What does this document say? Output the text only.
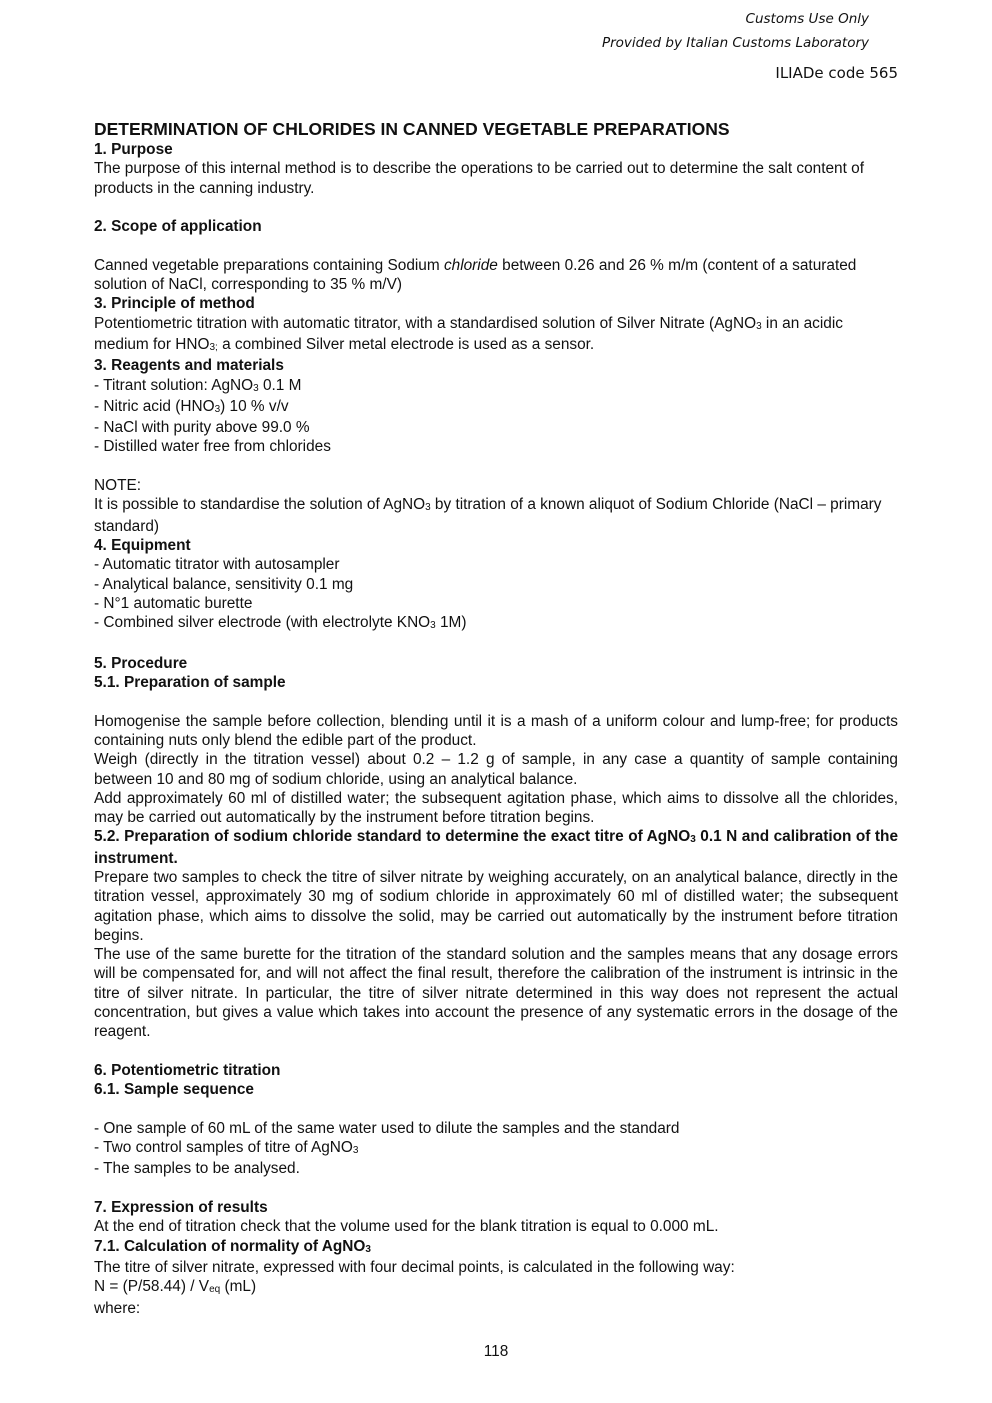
Customs Use Only
Provided by Italian Customs Laboratory
ILIADe code 565

DETERMINATION OF CHLORIDES IN CANNED VEGETABLE PREPARATIONS

1. Purpose

The purpose of this internal method is to describe the operations to be carried out to determine the salt content of products in the canning industry.

2. Scope of application

Canned vegetable preparations containing Sodium chloride between 0.26 and 26 % m/m (content of a saturated solution of NaCl, corresponding to 35 % m/V)

3. Principle of method

Potentiometric titration with automatic titrator, with a standardised solution of Silver Nitrate (AgNO$_3$ in an acidic medium for $HNO_{3;}$ a combined Silver metal electrode is used as a sensor.

3. Reagents and materials

- Titrant solution: AgNO$_3$ 0.1 M

- Nitric acid $(HNO_3)$ 10 % v/v

- NaCl with purity above 99.0 %

- Distilled water free from chlorides

NOTE:

It is possible to standardise the solution of AgNO$_3$ by titration of a known aliquot of Sodium Chloride (NaCl – primary standard)

4. Equipment

- Automatic titrator with autosampler

- Analytical balance, sensitivity 0.1 mg

- N°1 automatic burette

- Combined silver electrode (with electrolyte $KNO_3$ 1M)

5. Procedure

5.1. Preparation of sample

Homogenise the sample before collection, blending until it is a mash of a uniform colour and lump-free; for products containing nuts only blend the edible part of the product.

Weigh (directly in the titration vessel) about 0.2 – 1.2 g of sample, in any case a quantity of sample containing between 10 and 80 mg of sodium chloride, using an analytical balance.

Add approximately 60 ml of distilled water; the subsequent agitation phase, which aims to dissolve all the chlorides, may be carried out automatically by the instrument before titration begins.

5.2. Preparation of sodium chloride standard to determine the exact titre of AgNO$_3$ 0.1 N and calibration of the instrument.

Prepare two samples to check the titre of silver nitrate by weighing accurately, on an analytical balance, directly in the titration vessel, approximately 30 mg of sodium chloride in approximately 60 ml of distilled water; the subsequent agitation phase, which aims to dissolve the solid, may be carried out automatically by the instrument before titration begins.

The use of the same burette for the titration of the standard solution and the samples means that any dosage errors will be compensated for, and will not affect the final result, therefore the calibration of the instrument is intrinsic in the titre of silver nitrate. In particular, the titre of silver nitrate determined in this way does not represent the actual concentration, but gives a value which takes into account the presence of any systematic errors in the dosage of the reagent.

6. Potentiometric titration

6.1. Sample sequence

- One sample of 60 mL of the same water used to dilute the samples and the standard

- Two control samples of titre of AgNO$_3$

- The samples to be analysed.

7. Expression of results

At the end of titration check that the volume used for the blank titration is equal to 0.000 mL.

7.1. Calculation of normality of AgNO$_3$

The titre of silver nitrate, expressed with four decimal points, is calculated in the following way:

$N = (P/58.44) / V_{eq}$ (mL)

where:

118
